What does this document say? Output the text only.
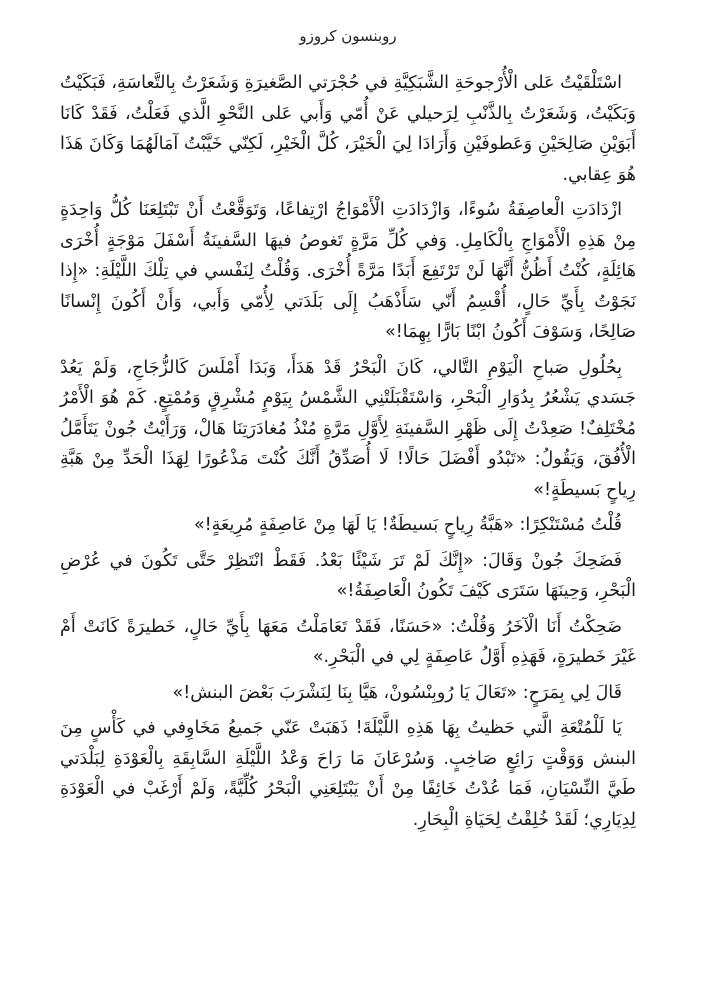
روبنسون كروزو

اسْتَلْقَيْتُ عَلى الْأُرْجوحَةِ الشَّبَكِيَّةِ في حُجْرَتي الصَّغيرَةِ وَشَعَرْتُ بِالتَّعاسَةِ، فَبَكَيْتُ وَبَكَيْتُ، وَشَعَرْتُ بِالذَّنْبِ لِرَحيلي عَنْ أُمّي وَأَبي عَلى النَّحْوِ الَّذي فَعَلْتُ، فَقَدْ كَانَا أَبَوَيْنِ صَالِحَيْنِ وَعَطوفَيْنِ وَأَرَادَا لِيَ الْخَيْرَ، كُلَّ الْخَيْرِ، لَكِنّي خَيَّبْتُ آمَالَهُمَا وَكَانَ هَذَا هُوَ عِقابي.

ازْدَادَتِ الْعاصِفَةُ سُوءًا، وَازْدَادَتِ الْأَمْوَاجُ ارْتِفاعًا، وَتَوَقَّعْتُ أَنْ تَبْتَلِعَنَا كُلُّ وَاحِدَةٍ مِنْ هَذِهِ الْأَمْوَاجِ بِالْكَامِلِ. وَفي كُلِّ مَرَّةٍ تَغوصُ فيهَا السَّفينَةُ أَسْفَلَ مَوْجَةٍ أُخْرَى هَائِلَةٍ، كُنْتُ أَظُنُّ أَنَّهَا لَنْ تَرْتَفِعَ أَبَدًا مَرَّةً أُخْرَى. وَقُلْتُ لِنَفْسي في تِلْكَ اللَّيْلَةِ: «إِذا نَجَوْتُ بِأَيِّ حَالٍ، أُقْسِمُ أَنّي سَأَذْهَبُ إِلَى بَلَدَتي لِأُمّي وَأَبي، وَأَنْ أَكُونَ إِنْسانًا صَالِحًا، وَسَوْفَ أَكُونُ ابْنًا بَارًّا بِهِمَا!»

بِحُلُولِ صَباحِ الْيَوْمِ التَّالي، كَانَ الْبَحْرُ قَدْ هَدَأَ، وَبَدَا أَمْلَسَ كَالزُّجَاجِ، وَلَمْ يَعُدْ جَسَدي يَشْعُرُ بِدُوَارِ الْبَحْرِ، وَاسْتَقْبَلَتْنِي الشَّمْسُ بِيَوْمٍ مُشْرِقٍ وَمُمْتِعٍ. كَمْ هُوَ الْأَمْرُ مُخْتَلِفٌ! صَعِدْتُ إِلَى ظَهْرِ السَّفينَةِ لِأَوَّلِ مَرَّةٍ مُنْذُ مُغادَرَتِنَا هَالْ، وَرَأَيْتُ جُونْ يَتَأَمَّلُ الْأُفُقَ، وَيَقُولُ: «تَبْدُو أَفْضَلَ حَالًا! لَا أُصَدِّقُ أَنَّكَ كُنْتَ مَذْعُورًا لِهَذَا الْحَدِّ مِنْ هَبَّةِ رِياحٍ بَسيطَةٍ!»

قُلْتُ مُسْتَنْكِرًا: «هَبَّةُ رِياحٍ بَسيطَةٌ! يَا لَهَا مِنْ عَاصِفَةٍ مُرِيعَةٍ!»

فَضَحِكَ جُونْ وَقَالَ: «إِنَّكَ لَمْ تَرَ شَيْئًا بَعْدُ. فَقَطْ انْتَظِرْ حَتَّى تَكُونَ في عُرْضِ الْبَحْرِ، وَحِينَهَا سَتَرَى كَيْفَ تَكُونُ الْعَاصِفَةُ!»

ضَحِكْتُ أَنَا الْآخَرُ وَقُلْتُ: «حَسَنًا، فَقَدْ تَعَامَلْتُ مَعَهَا بِأَيِّ حَالٍ، خَطيرَةً كَانَتْ أَمْ غَيْرَ خَطيرَةٍ، فَهَذِهِ أَوَّلُ عَاصِفَةٍ لِي في الْبَحْرِ.»

قَالَ لِي بِمَرَحٍ: «تَعَالَ يَا رُوبِنْسُونْ، هَيَّا بِنَا لِنَشْرَبَ بَعْضَ البنش!»

يَا لَلْمُتْعَةِ الَّتي حَظيتُ بِهَا هَذِهِ اللَّيْلَةَ! ذَهَبَتْ عَنّي جَميعُ مَخَاوِفي في كَأْسٍ مِنَ البنش وَوَقْتٍ رَائِعٍ صَاخِبٍ. وَسُرْعَانَ مَا رَاحَ وَعْدُ اللَّيْلَةِ السَّابِقَةِ بِالْعَوْدَةِ لِبَلْدَتي طَيَّ النِّسْيَانِ، فَمَا عُدْتُ خَائِفًا مِنْ أَنْ يَبْتَلِعَنِي الْبَحْرُ كُلِّيَّةً، وَلَمْ أَرْغَبْ في الْعَوْدَةِ لِدِيَارِي؛ لَقَدْ خُلِقْتُ لِحَيَاةِ الْبِحَارِ.
